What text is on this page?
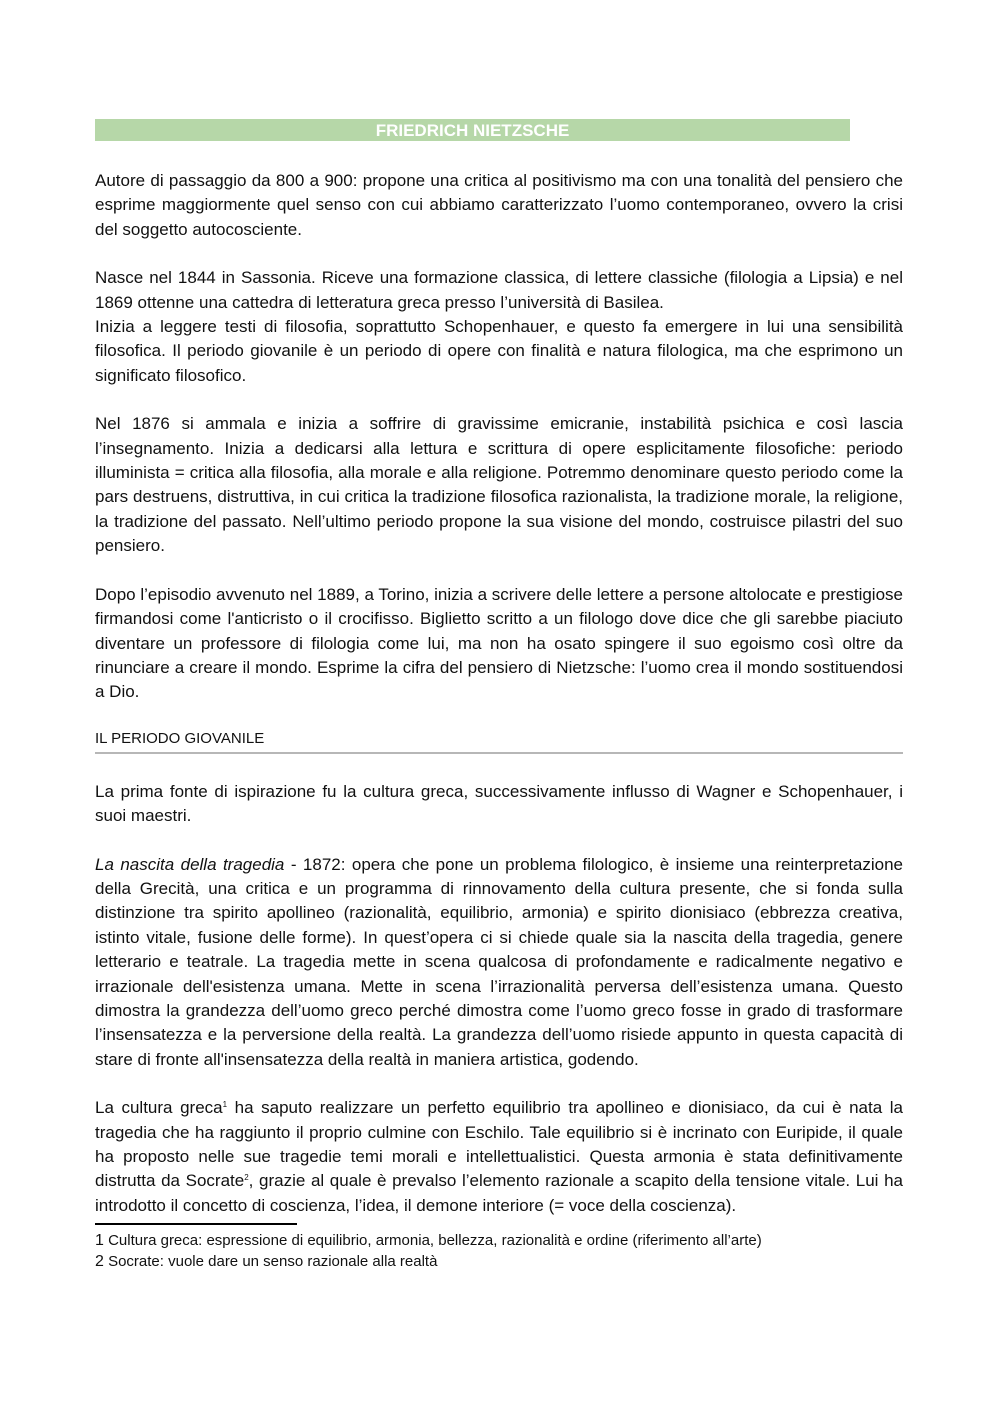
FRIEDRICH NIETZSCHE

Autore di passaggio da 800 a 900: propone una critica al positivismo ma con una tonalità del pensiero che esprime maggiormente quel senso con cui abbiamo caratterizzato l’uomo contemporaneo, ovvero la crisi del soggetto autocosciente.

Nasce nel 1844 in Sassonia. Riceve una formazione classica, di lettere classiche (filologia a Lipsia) e nel 1869 ottenne una cattedra di letteratura greca presso l’università di Basilea.

Inizia a leggere testi di filosofia, soprattutto Schopenhauer, e questo fa emergere in lui una sensibilità filosofica. Il periodo giovanile è un periodo di opere con finalità e natura filologica, ma che esprimono un significato filosofico.

Nel 1876 si ammala e inizia a soffrire di gravissime emicranie, instabilità psichica e così lascia l’insegnamento. Inizia a dedicarsi alla lettura e scrittura di opere esplicitamente filosofiche: periodo illuminista = critica alla filosofia, alla morale e alla religione. Potremmo denominare questo periodo come la pars destruens, distruttiva, in cui critica la tradizione filosofica razionalista, la tradizione morale, la religione, la tradizione del passato. Nell’ultimo periodo propone la sua visione del mondo, costruisce pilastri del suo pensiero.

Dopo l’episodio avvenuto nel 1889, a Torino, inizia a scrivere delle lettere a persone altolocate e prestigiose firmandosi come l'anticristo o il crocifisso. Biglietto scritto a un filologo dove dice che gli sarebbe piaciuto diventare un professore di filologia come lui, ma non ha osato spingere il suo egoismo così oltre da rinunciare a creare il mondo. Esprime la cifra del pensiero di Nietzsche: l’uomo crea il mondo sostituendosi a Dio.

IL PERIODO GIOVANILE

La prima fonte di ispirazione fu la cultura greca, successivamente influsso di Wagner e Schopenhauer, i suoi maestri.

La nascita della tragedia - 1872: opera che pone un problema filologico, è insieme una reinterpretazione della Grecità, una critica e un programma di rinnovamento della cultura presente, che si fonda sulla distinzione tra spirito apollineo (razionalità, equilibrio, armonia) e spirito dionisiaco (ebbrezza creativa, istinto vitale, fusione delle forme). In quest’opera ci si chiede quale sia la nascita della tragedia, genere letterario e teatrale. La tragedia mette in scena qualcosa di profondamente e radicalmente negativo e irrazionale dell'esistenza umana. Mette in scena l’irrazionalità perversa dell’esistenza umana. Questo dimostra la grandezza dell’uomo greco perché dimostra come l’uomo greco fosse in grado di trasformare l’insensatezza e la perversione della realtà. La grandezza dell’uomo risiede appunto in questa capacità di stare di fronte all'insensatezza della realtà in maniera artistica, godendo.

La cultura greca$^1$ ha saputo realizzare un perfetto equilibrio tra apollineo e dionisiaco, da cui è nata la tragedia che ha raggiunto il proprio culmine con Eschilo. Tale equilibrio si è incrinato con Euripide, il quale ha proposto nelle sue tragedie temi morali e intellettualistici. Questa armonia è stata definitivamente distrutta da Socrate$^2$, grazie al quale è prevalso l’elemento razionale a scapito della tensione vitale. Lui ha introdotto il concetto di coscienza, l’idea, il demone interiore (= voce della coscienza).

1 Cultura greca: espressione di equilibrio, armonia, bellezza, razionalità e ordine (riferimento all’arte)
2 Socrate: vuole dare un senso razionale alla realtà
